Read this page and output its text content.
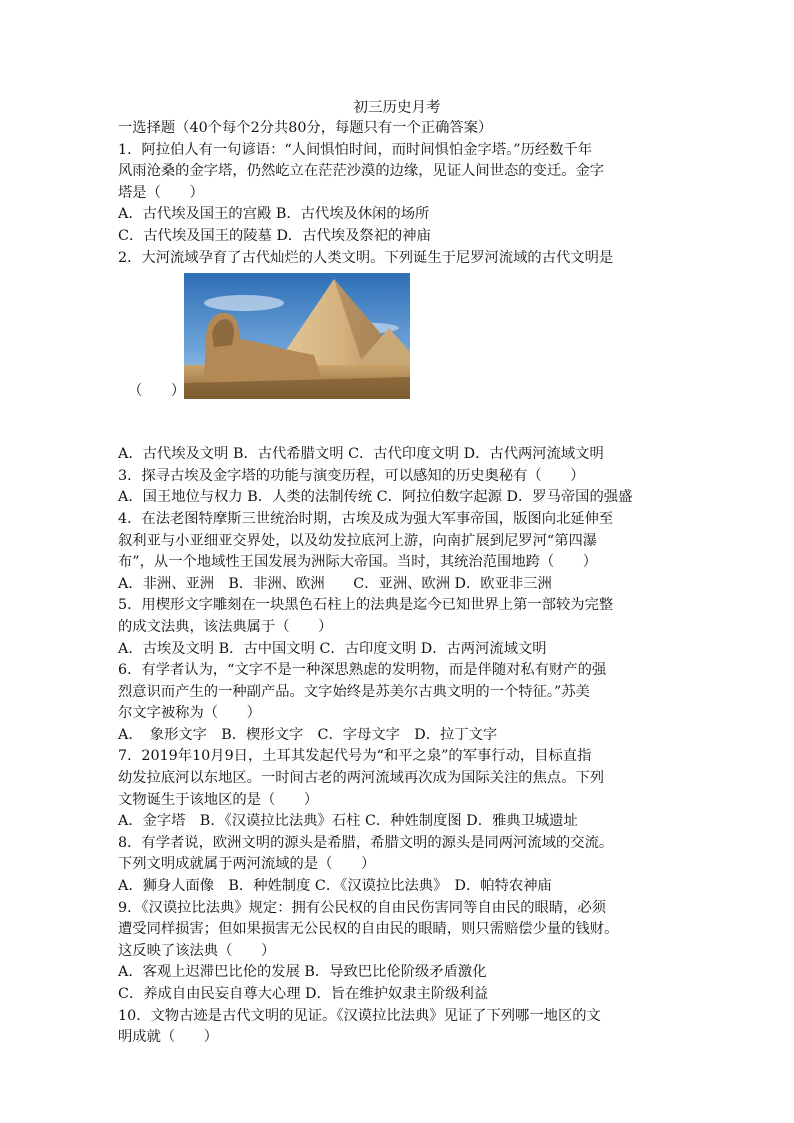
初三历史月考
一选择题（40个每个2分共80分，每题只有一个正确答案）
1．阿拉伯人有一句谚语：“人间惧怕时间，而时间惧怕金字塔。”历经数千年
风雨沧桑的金字塔，仍然屹立在茫茫沙漠的边缘，见证人间世态的变迁。金字
塔是（　　）
A．古代埃及国王的宫殿 B．古代埃及休闲的场所
C．古代埃及国王的陵墓 D．古代埃及祭祀的神庙
2．大河流域孕育了古代灿烂的人类文明。下列诞生于尼罗河流域的古代文明是
（　　）
A．古代埃及文明 B．古代希腊文明 C．古代印度文明 D．古代两河流域文明
3．探寻古埃及金字塔的功能与演变历程，可以感知的历史奥秘有（　　）
A．国王地位与权力 B．人类的法制传统 C．阿拉伯数字起源 D．罗马帝国的强盛
4．在法老图特摩斯三世统治时期，古埃及成为强大军事帝国，版图向北延伸至
叙利亚与小亚细亚交界处，以及幼发拉底河上游，向南扩展到尼罗河“第四瀑
布”，从一个地域性王国发展为洲际大帝国。当时，其统治范围地跨（　　）
A．非洲、亚洲　B．非洲、欧洲　　C．亚洲、欧洲 D．欧亚非三洲
5．用楔形文字雕刻在一块黑色石柱上的法典是迄今已知世界上第一部较为完整
的成文法典，该法典属于（　　）
A．古埃及文明 B．古中国文明 C．古印度文明 D．古两河流域文明
6．有学者认为，“文字不是一种深思熟虑的发明物，而是伴随对私有财产的强
烈意识而产生的一种副产品。文字始终是苏美尔古典文明的一个特征。”苏美
尔文字被称为（　　）
A．　象形文字　B．楔形文字　C．字母文字　D．拉丁文字
7．2019年10月9日，土耳其发起代号为“和平之泉”的军事行动，目标直指
幼发拉底河以东地区。一时间古老的两河流域再次成为国际关注的焦点。下列
文物诞生于该地区的是（　　）
A．金字塔　B．《汉谟拉比法典》石柱 C．种姓制度图 D．雅典卫城遗址
8．有学者说，欧洲文明的源头是希腊，希腊文明的源头是同两河流域的交流。
下列文明成就属于两河流域的是（　　）
A．狮身人面像　B．种姓制度 C．《汉谟拉比法典》　D．帕特农神庙
9．《汉谟拉比法典》规定：拥有公民权的自由民伤害同等自由民的眼睛，必须
遭受同样损害；但如果损害无公民权的自由民的眼睛，则只需赔偿少量的钱财。
这反映了该法典（　　）
A．客观上迟滞巴比伦的发展 B．导致巴比伦阶级矛盾激化
C．养成自由民妄自尊大心理 D．旨在维护奴隶主阶级利益
10．文物古迹是古代文明的见证。《汉谟拉比法典》见证了下列哪一地区的文
明成就（　　）
